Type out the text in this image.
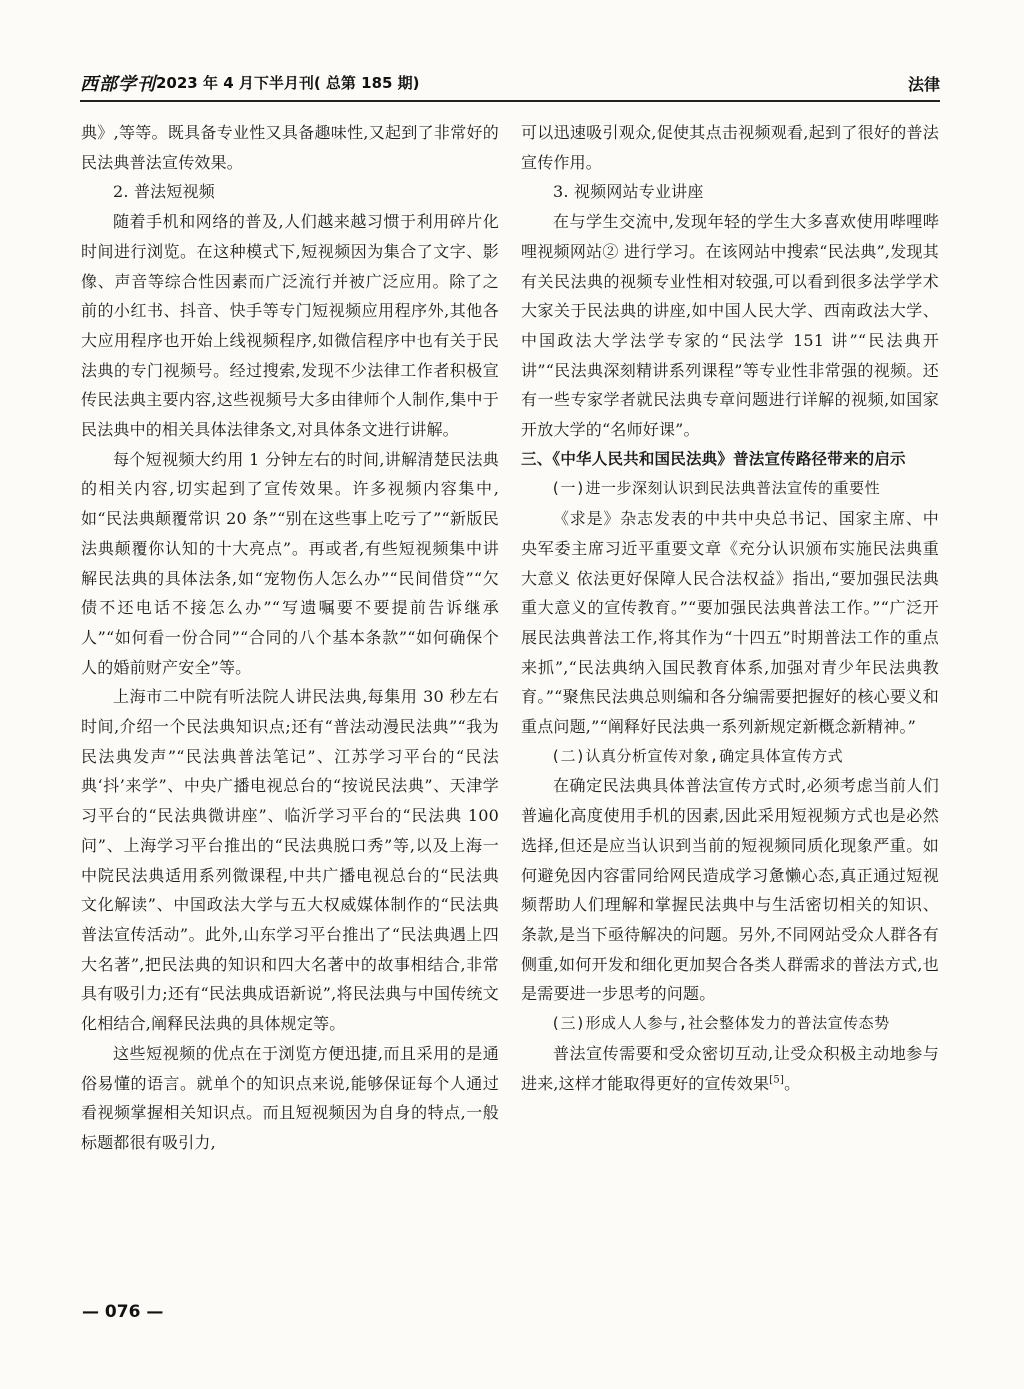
西部学刊 2023 年 4 月下半月刊( 总第 185 期)	法律

典》,等等。既具备专业性又具备趣味性,又起到了非常好的民法典普法宣传效果。

2. 普法短视频

随着手机和网络的普及,人们越来越习惯于利用碎片化时间进行浏览。在这种模式下,短视频因为集合了文字、影像、声音等综合性因素而广泛流行并被广泛应用。除了之前的小红书、抖音、快手等专门短视频应用程序外,其他各大应用程序也开始上线视频程序,如微信程序中也有关于民法典的专门视频号。经过搜索,发现不少法律工作者积极宣传民法典主要内容,这些视频号大多由律师个人制作,集中于民法典中的相关具体法律条文,对具体条文进行讲解。

每个短视频大约用 1 分钟左右的时间,讲解清楚民法典的相关内容,切实起到了宣传效果。许多视频内容集中,如“民法典颠覆常识 20 条”“别在这些事上吃亏了”“新版民法典颠覆你认知的十大亮点”。再或者,有些短视频集中讲解民法典的具体法条,如“宠物伤人怎么办”“民间借贷”“欠债不还电话不接怎么办”“写遗嘱要不要提前告诉继承人”“如何看一份合同”“合同的八个基本条款”“如何确保个人的婚前财产安全”等。

上海市二中院有听法院人讲民法典,每集用 30 秒左右时间,介绍一个民法典知识点;还有“普法动漫民法典”“我为民法典发声”“民法典普法笔记”、江苏学习平台的“民法典‘抖’来学”、中央广播电视总台的“按说民法典”、天津学习平台的“民法典微讲座”、临沂学习平台的“民法典 100 问”、上海学习平台推出的“民法典脱口秀”等,以及上海一中院民法典适用系列微课程,中共广播电视总台的“民法典文化解读”、中国政法大学与五大权威媒体制作的“民法典普法宣传活动”。此外,山东学习平台推出了“民法典遇上四大名著”,把民法典的知识和四大名著中的故事相结合,非常具有吸引力;还有“民法典成语新说”,将民法典与中国传统文化相结合,阐释民法典的具体规定等。

这些短视频的优点在于浏览方便迅捷,而且采用的是通俗易懂的语言。就单个的知识点来说,能够保证每个人通过看视频掌握相关知识点。而且短视频因为自身的特点,一般标题都很有吸引力,

可以迅速吸引观众,促使其点击视频观看,起到了很好的普法宣传作用。

3. 视频网站专业讲座

在与学生交流中,发现年轻的学生大多喜欢使用哔哩哔哩视频网站② 进行学习。在该网站中搜索“民法典”,发现其有关民法典的视频专业性相对较强,可以看到很多法学学术大家关于民法典的讲座,如中国人民大学、西南政法大学、中国政法大学法学专家的“民法学 151 讲”“民法典开讲”“民法典深刻精讲系列课程”等专业性非常强的视频。还有一些专家学者就民法典专章问题进行详解的视频,如国家开放大学的“名师好课”。

三、《中华人民共和国民法典》普法宣传路径带来的启示

(一)进一步深刻认识到民法典普法宣传的重要性

《求是》杂志发表的中共中央总书记、国家主席、中央军委主席习近平重要文章《充分认识颁布实施民法典重大意义 依法更好保障人民合法权益》指出,“要加强民法典重大意义的宣传教育。”“要加强民法典普法工作。”“广泛开展民法典普法工作,将其作为“十四五”时期普法工作的重点来抓”,“民法典纳入国民教育体系,加强对青少年民法典教育。”“聚焦民法典总则编和各分编需要把握好的核心要义和重点问题,”“阐释好民法典一系列新规定新概念新精神。”

(二)认真分析宣传对象,确定具体宣传方式

在确定民法典具体普法宣传方式时,必须考虑当前人们普遍化高度使用手机的因素,因此采用短视频方式也是必然选择,但还是应当认识到当前的短视频同质化现象严重。如何避免因内容雷同给网民造成学习惫懒心态,真正通过短视频帮助人们理解和掌握民法典中与生活密切相关的知识、条款,是当下亟待解决的问题。另外,不同网站受众人群各有侧重,如何开发和细化更加契合各类人群需求的普法方式,也是需要进一步思考的问题。

(三)形成人人参与,社会整体发力的普法宣传态势

普法宣传需要和受众密切互动,让受众积极主动地参与进来,这样才能取得更好的宣传效果[5]。

— 076 —
